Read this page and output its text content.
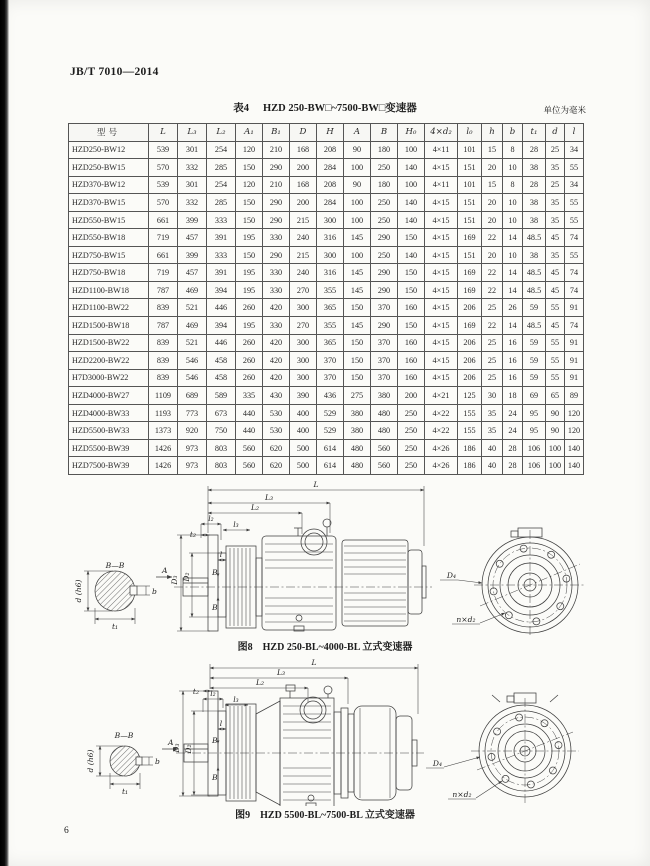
JB/T 7010—2014
表4 HZD 250-BW□~7500-BW□变速器	单位为毫米
型号	L	L₃	L₂	A₁	B₁	D	H	A	B	H₀	4×d₂	l₀	h	b	t₁	d	l
HZD250-BW12	539	301	254	120	210	168	208	90	180	100	4×11	101	15	8	28	25	34
HZD250-BW15	570	332	285	150	290	200	284	100	250	140	4×15	151	20	10	38	35	55
HZD370-BW12	539	301	254	120	210	168	208	90	180	100	4×11	101	15	8	28	25	34
HZD370-BW15	570	332	285	150	290	200	284	100	250	140	4×15	151	20	10	38	35	55
HZD550-BW15	661	399	333	150	290	215	300	100	250	140	4×15	151	20	10	38	35	55
HZD550-BW18	719	457	391	195	330	240	316	145	290	150	4×15	169	22	14	48.5	45	74
HZD750-BW15	661	399	333	150	290	215	300	100	250	140	4×15	151	20	10	38	35	55
HZD750-BW18	719	457	391	195	330	240	316	145	290	150	4×15	169	22	14	48.5	45	74
HZD1100-BW18	787	469	394	195	330	270	355	145	290	150	4×15	169	22	14	48.5	45	74
HZD1100-BW22	839	521	446	260	420	300	365	150	370	160	4×15	206	25	26	59	55	91
HZD1500-BW18	787	469	394	195	330	270	355	145	290	150	4×15	169	22	14	48.5	45	74
HZD1500-BW22	839	521	446	260	420	300	365	150	370	160	4×15	206	25	16	59	55	91
HZD2200-BW22	839	546	458	260	420	300	370	150	370	160	4×15	206	25	16	59	55	91
H7D3000-BW22	839	546	458	260	420	300	370	150	370	160	4×15	206	25	16	59	55	91
HZD4000-BW27	1109	689	589	335	430	390	436	275	380	200	4×21	125	30	18	69	65	89
HZD4000-BW33	1193	773	673	440	530	400	529	380	480	250	4×22	155	35	24	95	90	120
HZD5500-BW33	1373	920	750	440	530	400	529	380	480	250	4×22	155	35	24	95	90	120
HZD5500-BW39	1426	973	803	560	620	500	614	480	560	250	4×26	186	40	28	106	100	140
HZD7500-BW39	1426	973	803	560	620	500	614	480	560	250	4×26	186	40	28	106	100	140
B—B
d (h6)
t₁
b
A
L
L₃
L₂
l₂
l₃
t₂
D₃ D₂
l
B
B
D₄
n×d₂
图8 HZD 250-BL~4000-BL 立式变速器
B—B
d (h6)
t₁
b
A
L
L₃
L₂
l₂
l₃
t₂
D₃ D₂
l
B
B
D₄
n×d₂
图9 HZD 5500-BL~7500-BL 立式变速器
6
